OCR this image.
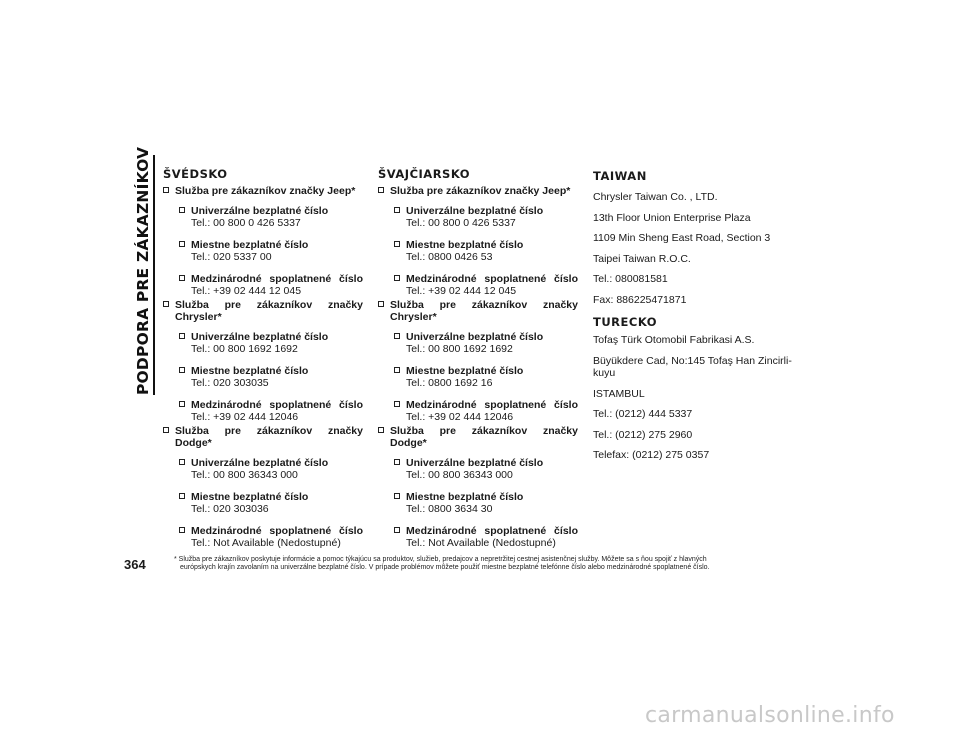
PODPORA PRE ZÁKAZNÍKOV
364
ŠVÉDSKO
Služba pre zákazníkov značky Jeep*
Univerzálne bezplatné číslo
Tel.: 00 800 0 426 5337
Miestne bezplatné číslo
Tel.: 020 5337 00
Medzinárodné spoplatnené číslo
Tel.: +39 02 444 12 045
Služba pre zákazníkov značky Chrysler*
Univerzálne bezplatné číslo
Tel.: 00 800 1692 1692
Miestne bezplatné číslo
Tel.: 020 303035
Medzinárodné spoplatnené číslo
Tel.: +39 02 444 12046
Služba pre zákazníkov značky Dodge*
Univerzálne bezplatné číslo
Tel.: 00 800 36343 000
Miestne bezplatné číslo
Tel.: 020 303036
Medzinárodné spoplatnené číslo
Tel.: Not Available (Nedostupné)
ŠVAJČIARSKO
Služba pre zákazníkov značky Jeep*
Univerzálne bezplatné číslo
Tel.: 00 800 0 426 5337
Miestne bezplatné číslo
Tel.: 0800 0426 53
Medzinárodné spoplatnené číslo
Tel.: +39 02 444 12 045
Služba pre zákazníkov značky Chrysler*
Univerzálne bezplatné číslo
Tel.: 00 800 1692 1692
Miestne bezplatné číslo
Tel.: 0800 1692 16
Medzinárodné spoplatnené číslo
Tel.: +39 02 444 12046
Služba pre zákazníkov značky Dodge*
Univerzálne bezplatné číslo
Tel.: 00 800 36343 000
Miestne bezplatné číslo
Tel.: 0800 3634 30
Medzinárodné spoplatnené číslo
Tel.: Not Available (Nedostupné)
TAIWAN

Chrysler Taiwan Co. , LTD.

13th Floor Union Enterprise Plaza

1109 Min Sheng East Road, Section 3

Taipei Taiwan R.O.C.

Tel.: 080081581

Fax: 886225471871

TURECKO

Tofaş Türk Otomobil Fabrikasi A.S.

Büyükdere Cad, No:145 Tofaş Han Zincirli-kuyu

ISTAMBUL

Tel.: (0212) 444 5337

Tel.: (0212) 275 2960

Telefax: (0212) 275 0357

* Služba pre zákazníkov poskytuje informácie a pomoc týkajúcu sa produktov, služieb, predajcov a nepretržitej cestnej asistenčnej služby. Môžete sa s ňou spojiť z hlavných
európskych krajín zavolaním na univerzálne bezplatné číslo. V prípade problémov môžete použiť miestne bezplatné telefónne číslo alebo medzinárodné spoplatnené číslo.
carmanualsonline.info
